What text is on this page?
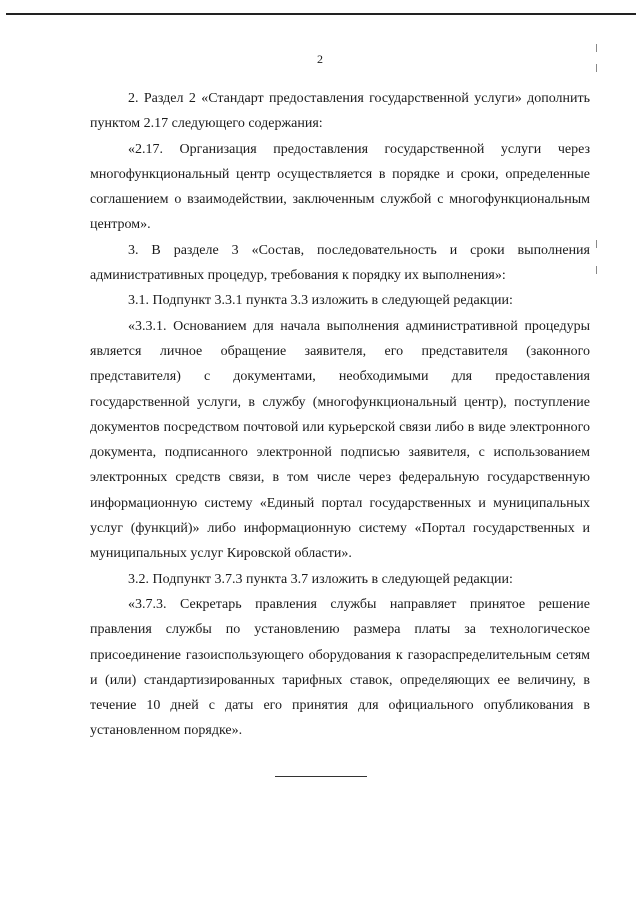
2

2. Раздел 2 «Стандарт предоставления государственной услуги» дополнить пунктом 2.17 следующего содержания:

«2.17. Организация предоставления государственной услуги через многофункциональный центр осуществляется в порядке и сроки, определенные соглашением о взаимодействии, заключенным службой с многофункциональным центром».

3. В разделе 3 «Состав, последовательность и сроки выполнения административных процедур, требования к порядку их выполнения»:

3.1. Подпункт 3.3.1 пункта 3.3 изложить в следующей редакции:

«3.3.1. Основанием для начала выполнения административной процедуры является личное обращение заявителя, его представителя (законного представителя) с документами, необходимыми для предоставления государственной услуги, в службу (многофункциональный центр), поступление документов посредством почтовой или курьерской связи либо в виде электронного документа, подписанного электронной подписью заявителя, с использованием электронных средств связи, в том числе через федеральную государственную информационную систему «Единый портал государственных и муниципальных услуг (функций)» либо информационную систему «Портал государственных и муниципальных услуг Кировской области».

3.2. Подпункт 3.7.3 пункта 3.7 изложить в следующей редакции:

«3.7.3. Секретарь правления службы направляет принятое решение правления службы по установлению размера платы за технологическое присоединение газоиспользующего оборудования к газораспределительным сетям и (или) стандартизированных тарифных ставок, определяющих ее величину, в течение 10 дней с даты его принятия для официального опубликования в установленном порядке».
